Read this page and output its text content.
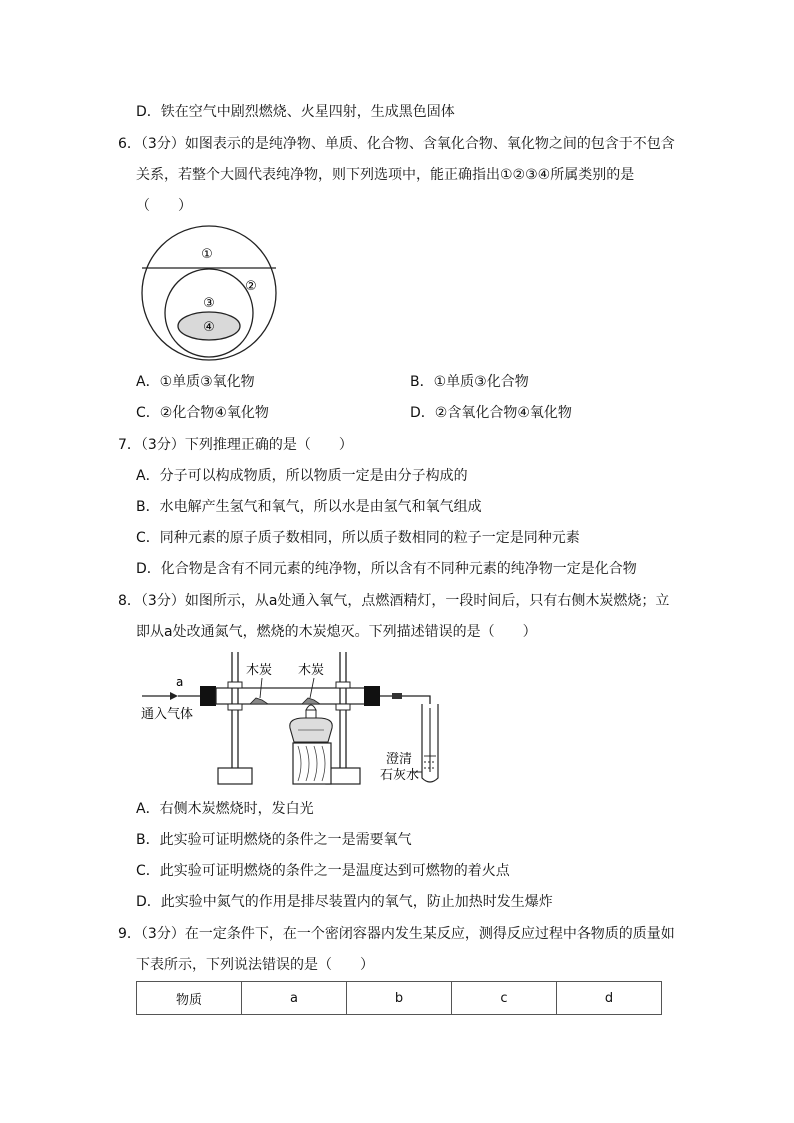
D．铁在空气中剧烈燃烧、火星四射，生成黑色固体
6．（3分）如图表示的是纯净物、单质、化合物、含氧化合物、氧化物之间的包含于不包含
关系，若整个大圆代表纯净物，则下列选项中，能正确指出①②③④所属类别的是
（　　）
①
②
③
④
A．①单质③氧化物	B．①单质③化合物
C．②化合物④氧化物	D．②含氧化合物④氧化物
7．（3分）下列推理正确的是（　　）
A．分子可以构成物质，所以物质一定是由分子构成的
B．水电解产生氢气和氧气，所以水是由氢气和氧气组成
C．同种元素的原子质子数相同，所以质子数相同的粒子一定是同种元素
D．化合物是含有不同元素的纯净物，所以含有不同种元素的纯净物一定是化合物
8．（3分）如图所示，从a处通入氧气，点燃酒精灯，一段时间后，只有右侧木炭燃烧；立
即从a处改通氮气，燃烧的木炭熄灭。下列描述错误的是（　　）
a
通入气体
澄清
石灰水
木炭 木炭
A．右侧木炭燃烧时，发白光
B．此实验可证明燃烧的条件之一是需要氧气
C．此实验可证明燃烧的条件之一是温度达到可燃物的着火点
D．此实验中氮气的作用是排尽装置内的氧气，防止加热时发生爆炸
9．（3分）在一定条件下，在一个密闭容器内发生某反应，测得反应过程中各物质的质量如
下表所示，下列说法错误的是（　　）
物质	a	b	c	d
